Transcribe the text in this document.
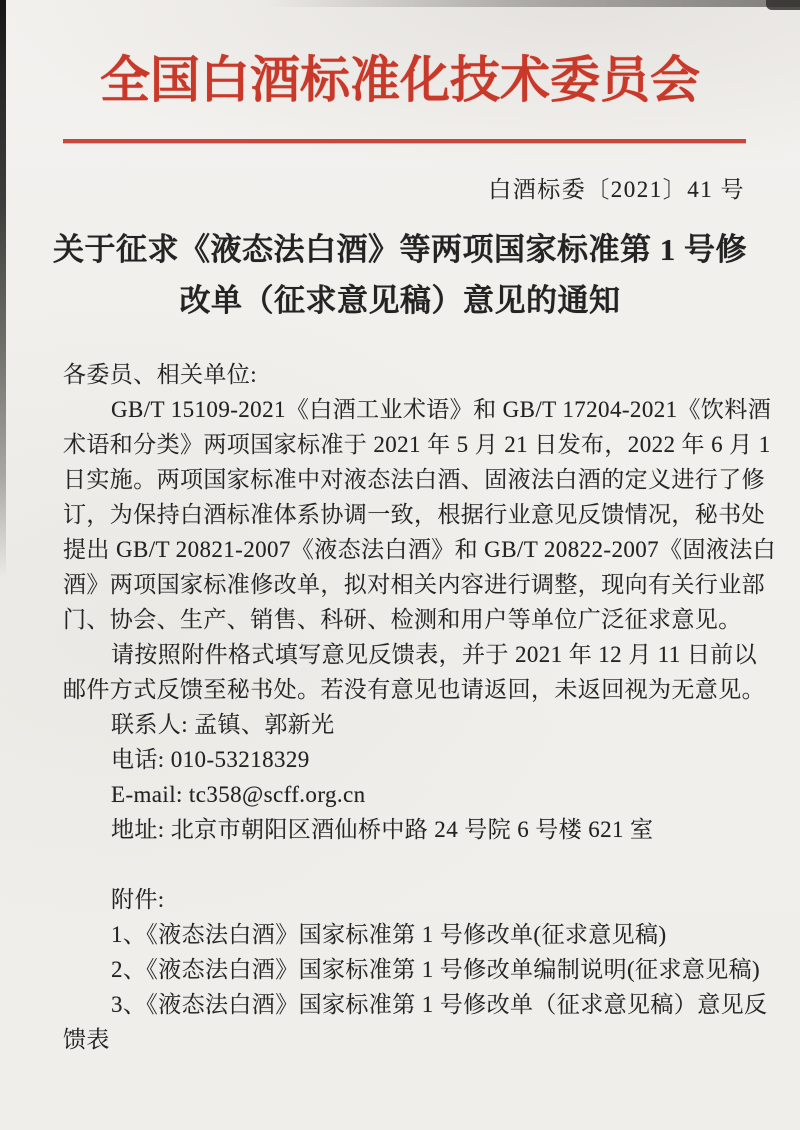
全国白酒标准化技术委员会
白酒标委〔2021〕41 号
关于征求《液态法白酒》等两项国家标准第 1 号修
改单（征求意见稿）意见的通知
各委员、相关单位:
GB/T 15109-2021《白酒工业术语》和 GB/T 17204-2021《饮料酒
术语和分类》两项国家标准于 2021 年 5 月 21 日发布，2022 年 6 月 1
日实施。两项国家标准中对液态法白酒、固液法白酒的定义进行了修
订，为保持白酒标准体系协调一致，根据行业意见反馈情况，秘书处
提出 GB/T 20821-2007《液态法白酒》和 GB/T 20822-2007《固液法白
酒》两项国家标准修改单，拟对相关内容进行调整，现向有关行业部
门、协会、生产、销售、科研、检测和用户等单位广泛征求意见。
请按照附件格式填写意见反馈表，并于 2021 年 12 月 11 日前以
邮件方式反馈至秘书处。若没有意见也请返回，未返回视为无意见。
联系人: 孟镇、郭新光
电话: 010-53218329
E-mail: tc358@scff.org.cn
地址: 北京市朝阳区酒仙桥中路 24 号院 6 号楼 621 室
附件:
1、《液态法白酒》国家标准第 1 号修改单(征求意见稿)
2、《液态法白酒》国家标准第 1 号修改单编制说明(征求意见稿)
3、《液态法白酒》国家标准第 1 号修改单（征求意见稿）意见反
馈表
